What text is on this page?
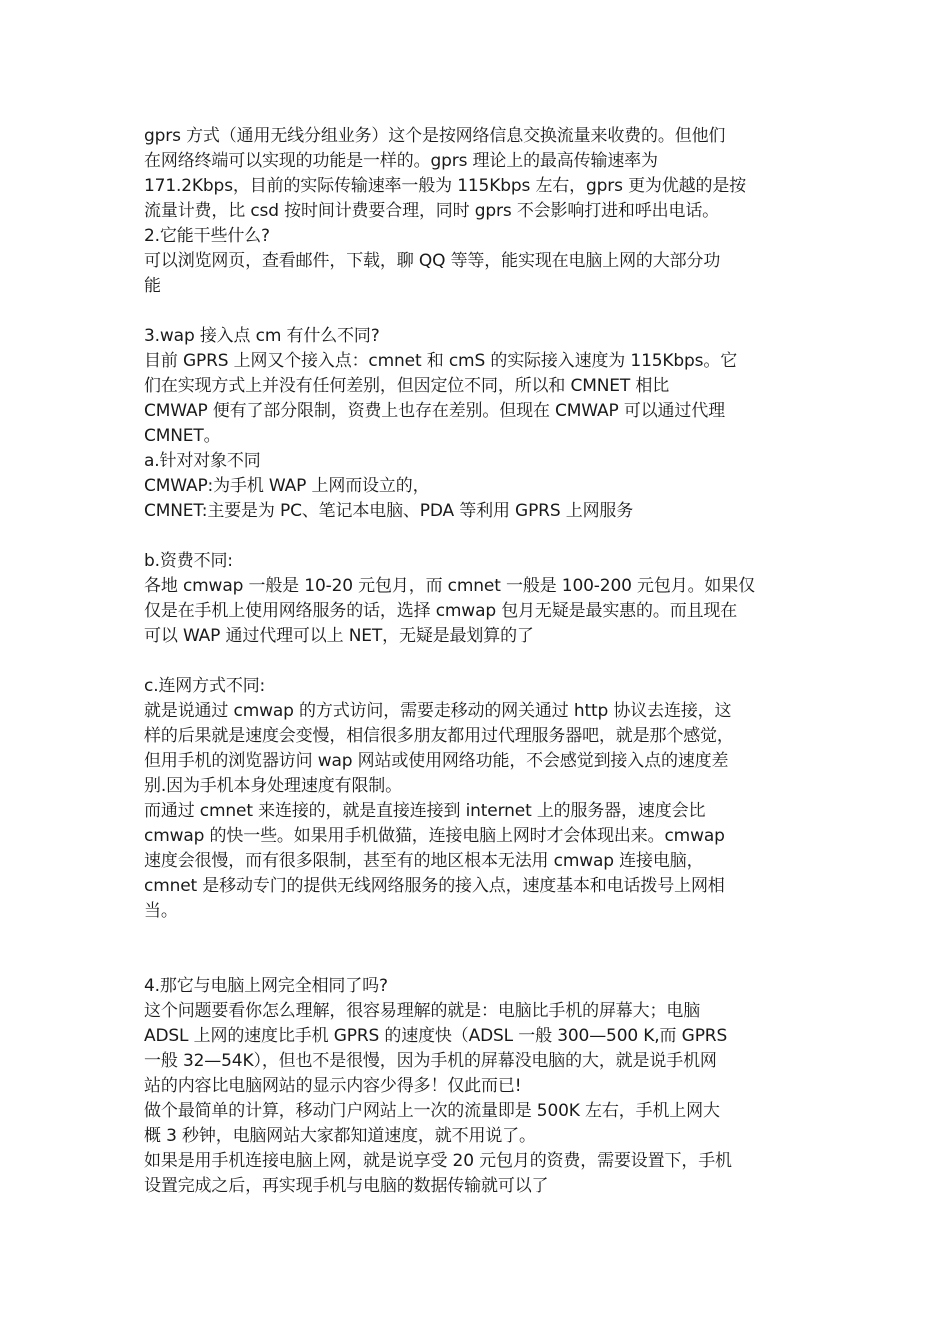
gprs 方式（通用无线分组业务）这个是按网络信息交换流量来收费的。但他们
在网络终端可以实现的功能是一样的。gprs 理论上的最高传输速率为
171.2Kbps，目前的实际传输速率一般为 115Kbps 左右，gprs 更为优越的是按
流量计费，比 csd 按时间计费要合理，同时 gprs 不会影响打进和呼出电话。
2.它能干些什么?
可以浏览网页，查看邮件，下载，聊 QQ 等等，能实现在电脑上网的大部分功
能
3.wap 接入点 cm 有什么不同?
目前 GPRS 上网又个接入点：cmnet 和 cmS 的实际接入速度为 115Kbps。它
们在实现方式上并没有任何差别，但因定位不同，所以和 CMNET 相比
CMWAP 便有了部分限制，资费上也存在差别。但现在 CMWAP 可以通过代理
CMNET。
a.针对对象不同
CMWAP:为手机 WAP 上网而设立的，
CMNET:主要是为 PC、笔记本电脑、PDA 等利用 GPRS 上网服务
b.资费不同:
各地 cmwap 一般是 10-20 元包月，而 cmnet 一般是 100-200 元包月。如果仅
仅是在手机上使用网络服务的话，选择 cmwap 包月无疑是最实惠的。而且现在
可以 WAP 通过代理可以上 NET，无疑是最划算的了
c.连网方式不同:
就是说通过 cmwap 的方式访问，需要走移动的网关通过 http 协议去连接，这
样的后果就是速度会变慢，相信很多朋友都用过代理服务器吧，就是那个感觉，
但用手机的浏览器访问 wap 网站或使用网络功能，不会感觉到接入点的速度差
别.因为手机本身处理速度有限制。
而通过 cmnet 来连接的，就是直接连接到 internet 上的服务器，速度会比
cmwap 的快一些。如果用手机做猫，连接电脑上网时才会体现出来。cmwap
速度会很慢，而有很多限制，甚至有的地区根本无法用 cmwap 连接电脑，
cmnet 是移动专门的提供无线网络服务的接入点，速度基本和电话拨号上网相
当。
4.那它与电脑上网完全相同了吗?
这个问题要看你怎么理解，很容易理解的就是：电脑比手机的屏幕大；电脑
ADSL 上网的速度比手机 GPRS 的速度快（ADSL 一般 300—500 K,而 GPRS
一般 32—54K），但也不是很慢，因为手机的屏幕没电脑的大，就是说手机网
站的内容比电脑网站的显示内容少得多！仅此而已!
做个最简单的计算，移动门户网站上一次的流量即是 500K 左右，手机上网大
概 3 秒钟，电脑网站大家都知道速度，就不用说了。
如果是用手机连接电脑上网，就是说享受 20 元包月的资费，需要设置下，手机
设置完成之后，再实现手机与电脑的数据传输就可以了
